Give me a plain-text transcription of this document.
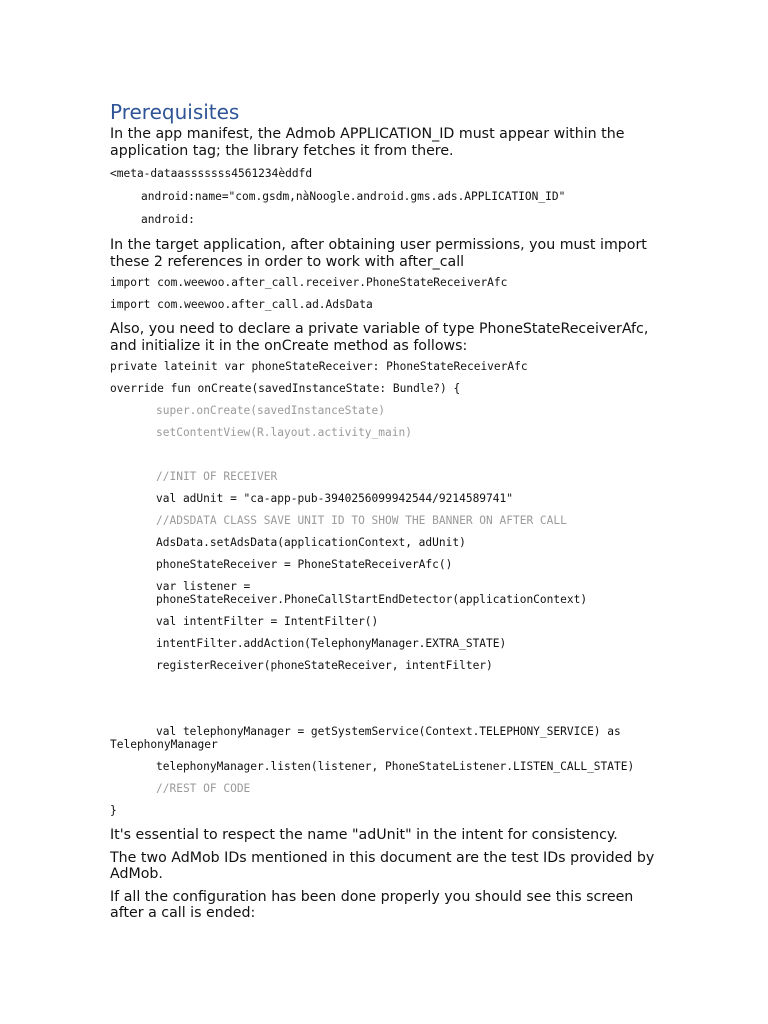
Prerequisites

In the app manifest, the Admob APPLICATION_ID must appear within the application tag; the library fetches it from there.

<meta-dataasssssss4561234èddfd

android:name="com.gsdm,nàNoogle.android.gms.ads.APPLICATION_ID"

android:

In the target application, after obtaining user permissions, you must import these 2 references in order to work with after_call

import com.weewoo.after_call.receiver.PhoneStateReceiverAfc

import com.weewoo.after_call.ad.AdsData

Also, you need to declare a private variable of type PhoneStateReceiverAfc, and initialize it in the onCreate method as follows:

private lateinit var phoneStateReceiver: PhoneStateReceiverAfc

override fun onCreate(savedInstanceState: Bundle?) {

super.onCreate(savedInstanceState)

setContentView(R.layout.activity_main)

//INIT OF RECEIVER

val adUnit = "ca-app-pub-3940256099942544/9214589741"

//ADSDATA CLASS SAVE UNIT ID TO SHOW THE BANNER ON AFTER CALL

AdsData.setAdsData(applicationContext, adUnit)

phoneStateReceiver = PhoneStateReceiverAfc()

var listener =

phoneStateReceiver.PhoneCallStartEndDetector(applicationContext)

val intentFilter = IntentFilter()

intentFilter.addAction(TelephonyManager.EXTRA_STATE)

registerReceiver(phoneStateReceiver, intentFilter)

val telephonyManager = getSystemService(Context.TELEPHONY_SERVICE) as

TelephonyManager

telephonyManager.listen(listener, PhoneStateListener.LISTEN_CALL_STATE)

//REST OF CODE

}

It's essential to respect the name "adUnit" in the intent for consistency.

The two AdMob IDs mentioned in this document are the test IDs provided by AdMob.

If all the configuration has been done properly you should see this screen after a call is ended:
